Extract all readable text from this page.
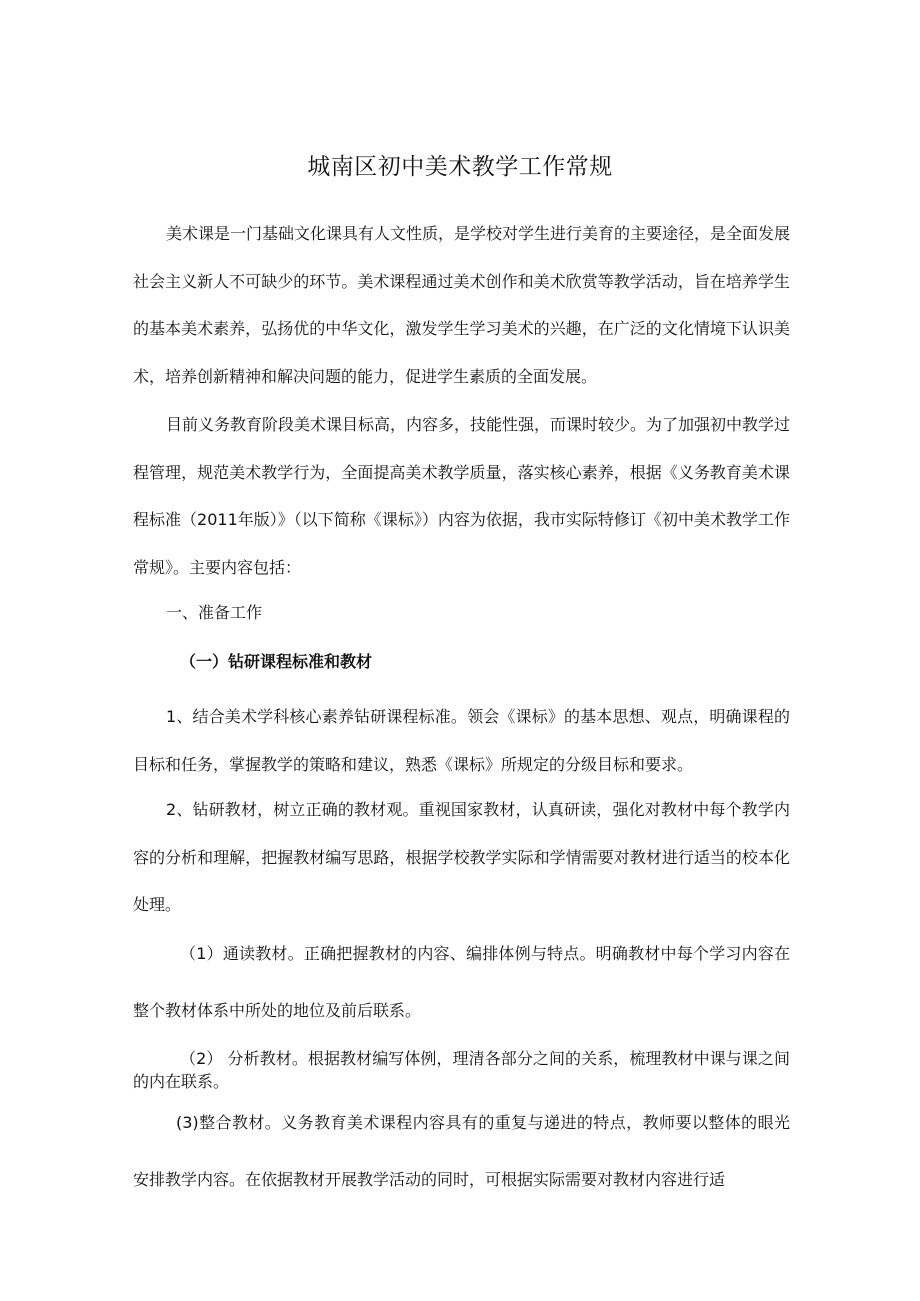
城南区初中美术教学工作常规
美术课是一门基础文化课具有人文性质，是学校对学生进行美育的主要途径，是全面发展社会主义新人不可缺少的环节。美术课程通过美术创作和美术欣赏等教学活动，旨在培养学生的基本美术素养，弘扬优的中华文化，激发学生学习美术的兴趣，在广泛的文化情境下认识美术，培养创新精神和解决问题的能力，促进学生素质的全面发展。
目前义务教育阶段美术课目标高，内容多，技能性强，而课时较少。为了加强初中教学过程管理，规范美术教学行为，全面提高美术教学质量，落实核心素养，根据《义务教育美术课程标准（2011年版）》（以下简称《课标》）内容为依据，我市实际特修订《初中美术教学工作常规》。主要内容包括：
一、准备工作
（一）钻研课程标准和教材
1、结合美术学科核心素养钻研课程标准。领会《课标》的基本思想、观点，明确课程的目标和任务，掌握教学的策略和建议，熟悉《课标》所规定的分级目标和要求。
2、钻研教材，树立正确的教材观。重视国家教材，认真研读，强化对教材中每个教学内容的分析和理解，把握教材编写思路，根据学校教学实际和学情需要对教材进行适当的校本化处理。
（1）通读教材。正确把握教材的内容、编排体例与特点。明确教材中每个学习内容在整个教材体系中所处的地位及前后联系。
（2） 分析教材。根据教材编写体例，理清各部分之间的关系，梳理教材中课与课之间的内在联系。
(3)整合教材。义务教育美术课程内容具有的重复与递进的特点，教师要以整体的眼光安排教学内容。在依据教材开展教学活动的同时，可根据实际需要对教材内容进行适
